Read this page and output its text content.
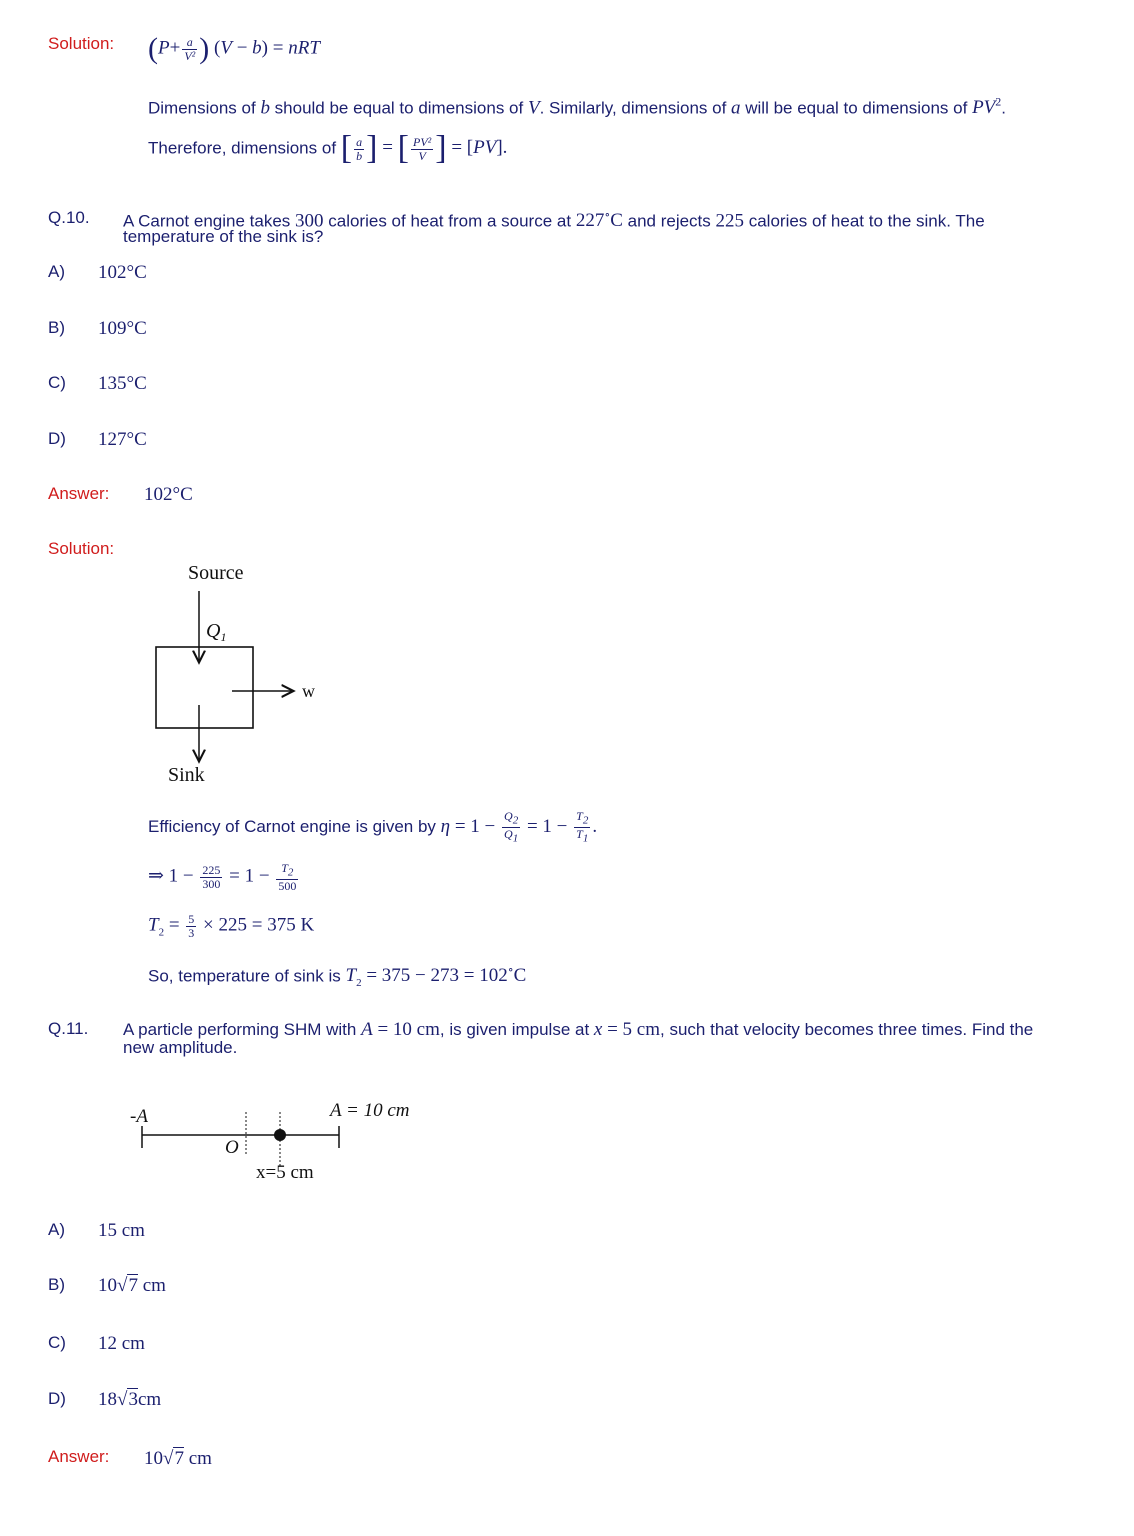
Solution: ($P+ \frac{a}{\text{V²}}$ ) (V − b) = nRT
Dimensions of b should be equal to dimensions of V. Similarly, dimensions of a will be equal to dimensions of $PV^2$.
Therefore, dimensions of [ $\frac{a}{b}$ ] = [ $\frac{\text{PV²}}{V}$ ] = [PV].
Q.10. A Carnot engine takes 300 calories of heat from a source at 227∘C and rejects 225 calories of heat to the sink. The
temperature of the sink is?
A) 102°C
B) 109°C
C) 135°C
D) 127°C
Answer: 102°C
Solution:
Source
$Q_1$
w
Sink
Efficiency of Carnot engine is given by $\eta = 1 - \frac{Q_2}{Q_1} = 1 - \frac{T_2}{T_1}$ .
⇒ $1 - \frac{225}{300} = 1 - \frac{T_2}{500}$
$T_2 = \frac{5}{3} \times 225 = 375$ K
So, temperature of sink is $T_2 = 375 - 273 = 102^\circ C$
Q.11. A particle performing SHM with A = 10 cm, is given impulse at x = 5 cm, such that velocity becomes three times. Find the
new amplitude.
-A	A = 10 cm
O
x=5 cm
A) 15 cm
B) 10√7 cm
C) 12 cm
D) 18√3cm
Answer: 10√7 cm
